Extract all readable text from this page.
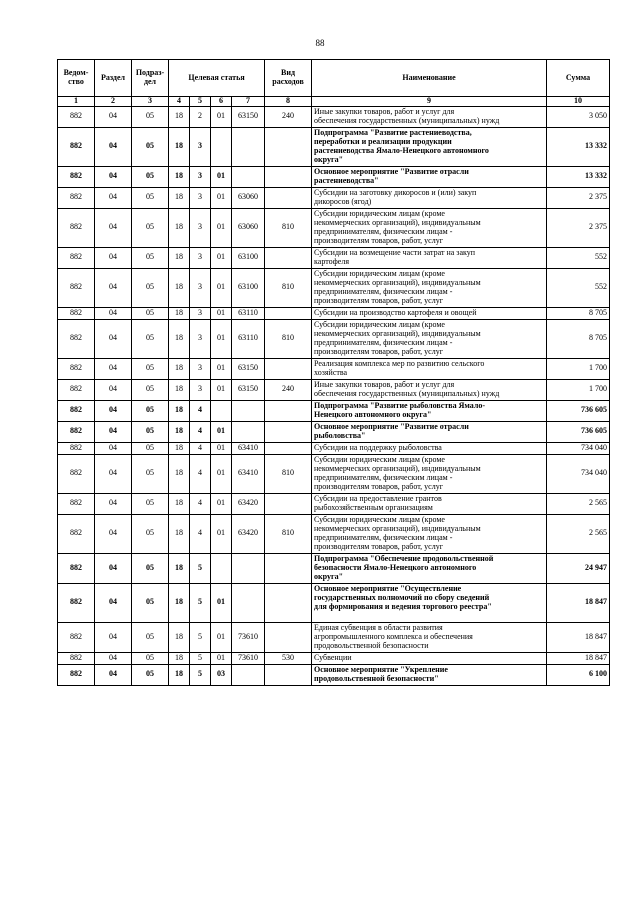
88
Ведом-ство	Раздел	Подраз-дел	Целевая статья				Вид расходов	Наименование	Сумма
1	2	3	4	5	6	7	8	9	10
882	04	05	18	2	01	63150	240	Иные закупки товаров, работ и услуг для
обеспечения государственных (муниципальных) нужд	3 050
882	04	05	18	3				Подпрограмма "Развитие растениеводства,
переработки и реализации продукции
растениеводства Ямало-Ненецкого автономного
округа"	13 332
882	04	05	18	3	01			Основное мероприятие "Развитие отрасли
растениеводства"	13 332
882	04	05	18	3	01	63060		Субсидии на заготовку дикоросов и (или) закуп
дикоросов (ягод)	2 375
882	04	05	18	3	01	63060	810	Субсидии юридическим лицам (кроме
некоммерческих организаций), индивидуальным
предпринимателям, физическим лицам -
производителям товаров, работ, услуг	2 375
882	04	05	18	3	01	63100		Субсидии на возмещение части затрат на закуп
картофеля	552
882	04	05	18	3	01	63100	810	Субсидии юридическим лицам (кроме
некоммерческих организаций), индивидуальным
предпринимателям, физическим лицам -
производителям товаров, работ, услуг	552
882	04	05	18	3	01	63110		Субсидии на производство картофеля и овощей	8 705
882	04	05	18	3	01	63110	810	Субсидии юридическим лицам (кроме
некоммерческих организаций), индивидуальным
предпринимателям, физическим лицам -
производителям товаров, работ, услуг	8 705
882	04	05	18	3	01	63150		Реализация комплекса мер по развитию сельского
хозяйства	1 700
882	04	05	18	3	01	63150	240	Иные закупки товаров, работ и услуг для
обеспечения государственных (муниципальных) нужд	1 700
882	04	05	18	4				Подпрограмма "Развитие рыболовства Ямало-
Ненецкого автономного округа"	736 605
882	04	05	18	4	01			Основное мероприятие "Развитие отрасли
рыболовства"	736 605
882	04	05	18	4	01	63410		Субсидии на поддержку рыболовства	734 040
882	04	05	18	4	01	63410	810	Субсидии юридическим лицам (кроме
некоммерческих организаций), индивидуальным
предпринимателям, физическим лицам -
производителям товаров, работ, услуг	734 040
882	04	05	18	4	01	63420		Субсидии на предоставление грантов
рыбохозяйственным организациям	2 565
882	04	05	18	4	01	63420	810	Субсидии юридическим лицам (кроме
некоммерческих организаций), индивидуальным
предпринимателям, физическим лицам -
производителям товаров, работ, услуг	2 565
882	04	05	18	5				Подпрограмма "Обеспечение продовольственной
безопасности Ямало-Ненецкого автономного
округа"	24 947
882	04	05	18	5	01			Основное мероприятие "Осуществление
государственных полномочий по сбору сведений
для формирования и ведения торгового реестра"	18 847
882	04	05	18	5	01	73610		Единая субвенция в области развития
агропромышленного комплекса и обеспечения
продовольственной безопасности	18 847
882	04	05	18	5	01	73610	530	Субвенции	18 847
882	04	05	18	5	03			Основное мероприятие "Укрепление
продовольственной безопасности"	6 100
